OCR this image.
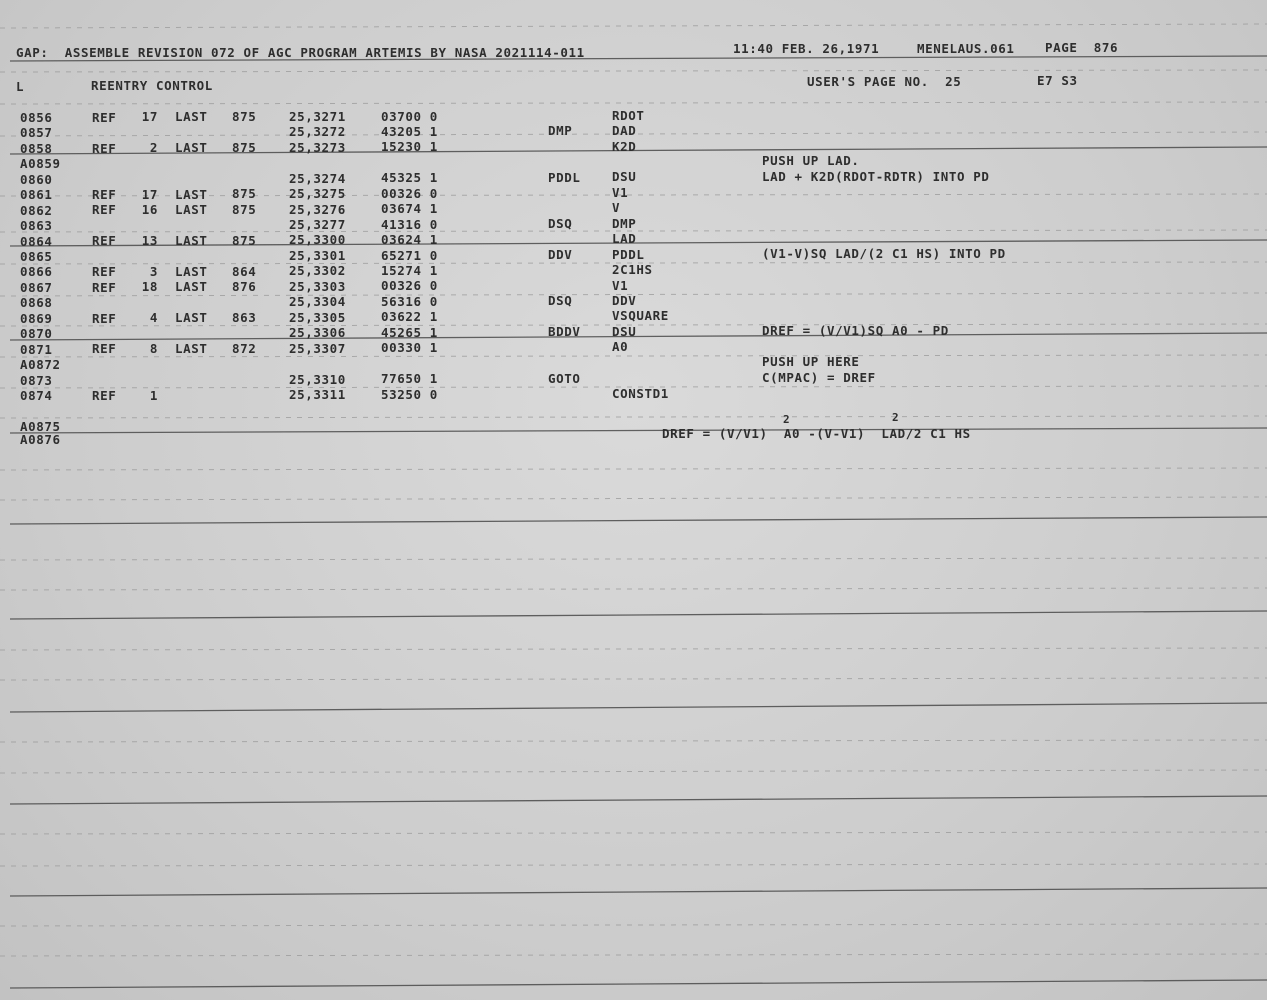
GAP:  ASSEMBLE REVISION 072 OF AGC PROGRAM ARTEMIS BY NASA 2021114-011	11:40 FEB. 26,1971	MENELAUS.061 PAGE  876
L	REENTRY CONTROL	USER'S PAGE NO.  25	E7 S3
0856	REF 17 LAST 875	25,3271	03700 0	RDOT
0857	25,3272	43205 1	DMP	DAD
0858	REF	2 LAST 875	25,3273	15230 1	K2D
A0859	PUSH UP LAD.
0860	25,3274	45325 1	PDDL	DSU	LAD + K2D(RDOT-RDTR) INTO PD
0861	REF 17 LAST 875	25,3275	00326 0	V1
0862	REF 16 LAST 875	25,3276	03674 1	V
0863	25,3277	41316 0	DSQ	DMP
0864	REF 13 LAST 875	25,3300	03624 1	LAD
0865	25,3301	65271 0	DDV	PDDL	(V1-V)SQ LAD/(2 C1 HS) INTO PD
0866	REF	3 LAST 864	25,3302	15274 1	2C1HS
0867	REF 18 LAST 876	25,3303	00326 0	V1
0868	25,3304	56316 0	DSQ	DDV
0869	REF	4 LAST 863	25,3305	03622 1	VSQUARE
0870	25,3306	45265 1	BDDV	DSU	DREF = (V/V1)SQ A0 - PD
0871	REF	8 LAST 872	25,3307	00330 1	A0
A0872	PUSH UP HERE
0873	25,3310	77650 1	GOTO	C(MPAC) = DREF
0874	REF	1	25,3311	53250 0	CONSTD1
A0875
A0876
2	2
DREF = (V/V1)  A0 -(V-V1)  LAD/2 C1 HS
